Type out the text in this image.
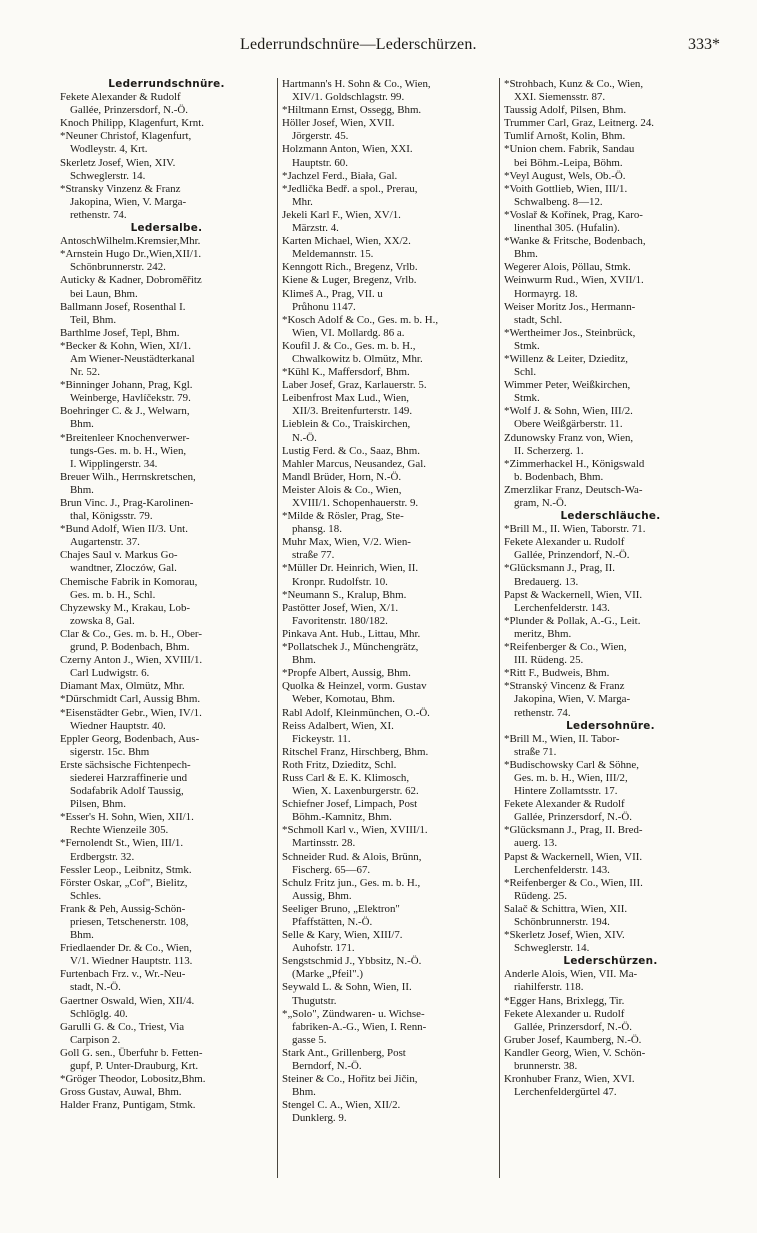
Lederrundschnüre—Lederschürzen.	333*
Lederrundschnüre.
Fekete Alexander & Rudolf
Gallée, Prinzersdorf, N.-Ö.
Knoch Philipp, Klagenfurt, Krnt.
*Neuner Christof, Klagenfurt,
Wodleystr. 4, Krt.
Skerletz Josef, Wien, XIV.
Schweglerstr. 14.
*Stransky Vinzenz & Franz
Jakopina, Wien, V. Marga-
rethenstr. 74.
Ledersalbe.
AntoschWilhelm.Kremsier,Mhr.
*Arnstein Hugo Dr.,Wien,XII/1.
Schönbrunnerstr. 242.
Auticky & Kadner, Dobroměřitz
bei Laun, Bhm.
Ballmann Josef, Rosenthal I.
Teil, Bhm.
Barthlme Josef, Tepl, Bhm.
*Becker & Kohn, Wien, XI/1.
Am Wiener-Neustädterkanal
Nr. 52.
*Binninger Johann, Prag, Kgl.
Weinberge, Havlíčekstr. 79.
Boehringer C. & J., Welwarn,
Bhm.
*Breitenleer Knochenverwer-
tungs-Ges. m. b. H., Wien,
I. Wipplingerstr. 34.
Breuer Wilh., Herrnskretschen,
Bhm.
Brun Vinc. J., Prag-Karolinen-
thal, Königsstr. 79.
*Bund Adolf, Wien II/3. Unt.
Augartenstr. 37.
Chajes Saul v. Markus Go-
wandtner, Zloczów, Gal.
Chemische Fabrik in Komorau,
Ges. m. b. H., Schl.
Chyzewsky M., Krakau, Lob-
zowska 8, Gal.
Clar & Co., Ges. m. b. H., Ober-
grund, P. Bodenbach, Bhm.
Czerny Anton J., Wien, XVIII/1.
Carl Ludwigstr. 6.
Diamant Max, Olmütz, Mhr.
*Dürschmidt Carl, Aussig Bhm.
*Eisenstädter Gebr., Wien, IV/1.
Wiedner Hauptstr. 40.
Eppler Georg, Bodenbach, Aus-
sigerstr. 15c. Bhm
Erste sächsische Fichtenpech-
siederei Harzraffinerie und
Sodafabrik Adolf Taussig,
Pilsen, Bhm.
*Esser's H. Sohn, Wien, XII/1.
Rechte Wienzeile 305.
*Fernolendt St., Wien, III/1.
Erdbergstr. 32.
Fessler Leop., Leibnitz, Stmk.
Förster Oskar, „Cof", Bielitz,
Schles.
Frank & Peh, Aussig-Schön-
priesen, Tetschenerstr. 108,
Bhm.
Friedlaender Dr. & Co., Wien,
V/1. Wiedner Hauptstr. 113.
Furtenbach Frz. v., Wr.-Neu-
stadt, N.-Ö.
Gaertner Oswald, Wien, XII/4.
Schlöglg. 40.
Garulli G. & Co., Triest, Via
Carpison 2.
Goll G. sen., Überfuhr b. Fetten-
gupf, P. Unter-Drauburg, Krt.
*Gröger Theodor, Lobositz,Bhm.
Gross Gustav, Auwal, Bhm.
Halder Franz, Puntigam, Stmk.
Hartmann's H. Sohn & Co., Wien,
XIV/1. Goldschlagstr. 99.
*Hiltmann Ernst, Ossegg, Bhm.
Höller Josef, Wien, XVII.
Jörgerstr. 45.
Holzmann Anton, Wien, XXI.
Hauptstr. 60.
*Jachzel Ferd., Biała, Gal.
*Jedlička Bedř. a spol., Prerau,
Mhr.
Jekeli Karl F., Wien, XV/1.
Märzstr. 4.
Karten Michael, Wien, XX/2.
Meldemannstr. 15.
Kenngott Rich., Bregenz, Vrlb.
Kiene & Luger, Bregenz, Vrlb.
Klimeš A., Prag, VII. u
Průhonu 1147.
*Kosch Adolf & Co., Ges. m. b. H.,
Wien, VI. Mollardg. 86 a.
Koufil J. & Co., Ges. m. b. H.,
Chwalkowitz b. Olmütz, Mhr.
*Kühl K., Maffersdorf, Bhm.
Laber Josef, Graz, Karlauerstr. 5.
Leibenfrost Max Lud., Wien,
XII/3. Breitenfurterstr. 149.
Lieblein & Co., Traiskirchen,
N.-Ö.
Lustig Ferd. & Co., Saaz, Bhm.
Mahler Marcus, Neusandez, Gal.
Mandl Brüder, Horn, N.-Ö.
Meister Alois & Co., Wien,
XVIII/1. Schopenhauerstr. 9.
*Milde & Rösler, Prag, Ste-
phansg. 18.
Muhr Max, Wien, V/2. Wien-
straße 77.
*Müller Dr. Heinrich, Wien, II.
Kronpr. Rudolfstr. 10.
*Neumann S., Kralup, Bhm.
Pastötter Josef, Wien, X/1.
Favoritenstr. 180/182.
Pinkava Ant. Hub., Littau, Mhr.
*Pollatschek J., Münchengrätz,
Bhm.
*Propfe Albert, Aussig, Bhm.
Quolka & Heinzel, vorm. Gustav
Weber, Komotau, Bhm.
Rabl Adolf, Kleinmünchen, O.-Ö.
Reiss Adalbert, Wien, XI.
Fickeystr. 11.
Ritschel Franz, Hirschberg, Bhm.
Roth Fritz, Dzieditz, Schl.
Russ Carl & E. K. Klimosch,
Wien, X. Laxenburgerstr. 62.
Schiefner Josef, Limpach, Post
Böhm.-Kamnitz, Bhm.
*Schmoll Karl v., Wien, XVIII/1.
Martinsstr. 28.
Schneider Rud. & Alois, Brünn,
Fischerg. 65—67.
Schulz Fritz jun., Ges. m. b. H.,
Aussig, Bhm.
Seeliger Bruno, „Elektron"
Pfaffstätten, N.-Ö.
Selle & Kary, Wien, XIII/7.
Auhofstr. 171.
Sengstschmid J., Ybbsitz, N.-Ö.
(Marke „Pfeil".)
Seywald L. & Sohn, Wien, II.
Thugutstr.
*„Solo", Zündwaren- u. Wichse-
fabriken-A.-G., Wien, I. Renn-
gasse 5.
Stark Ant., Grillenberg, Post
Berndorf, N.-Ö.
Steiner & Co., Hořitz bei Jičin,
Bhm.
Stengel C. A., Wien, XII/2.
Dunklerg. 9.
*Strohbach, Kunz & Co., Wien,
XXI. Siemensstr. 87.
Taussig Adolf, Pilsen, Bhm.
Trummer Carl, Graz, Leitnerg. 24.
Tumlif Arnošt, Kolin, Bhm.
*Union chem. Fabrik, Sandau
bei Böhm.-Leipa, Böhm.
*Veyl August, Wels, Ob.-Ö.
*Voith Gottlieb, Wien, III/1.
Schwalbeng. 8—12.
*Voslař & Kořínek, Prag, Karo-
linenthal 305. (Hufalin).
*Wanke & Fritsche, Bodenbach,
Bhm.
Wegerer Alois, Pöllau, Stmk.
Weinwurm Rud., Wien, XVII/1.
Hormayrg. 18.
Weiser Moritz Jos., Hermann-
stadt, Schl.
*Wertheimer Jos., Steinbrück,
Stmk.
*Willenz & Leiter, Dzieditz,
Schl.
Wimmer Peter, Weißkirchen,
Stmk.
*Wolf J. & Sohn, Wien, III/2.
Obere Weißgärberstr. 11.
Zdunowsky Franz von, Wien,
II. Scherzerg. 1.
*Zimmerhackel H., Königswald
b. Bodenbach, Bhm.
Zmerzlikar Franz, Deutsch-Wa-
gram, N.-Ö.
Lederschläuche.
*Brill M., II. Wien, Taborstr. 71.
Fekete Alexander u. Rudolf
Gallée, Prinzendorf, N.-Ö.
*Glücksmann J., Prag, II.
Bredauerg. 13.
Papst & Wackernell, Wien, VII.
Lerchenfelderstr. 143.
*Plunder & Pollak, A.-G., Leit.
meritz, Bhm.
*Reifenberger & Co., Wien,
III. Rüdeng. 25.
*Ritt F., Budweis, Bhm.
*Stranský Vincenz & Franz
Jakopina, Wien, V. Marga-
rethenstr. 74.
Ledersohnüre.
*Brill M., Wien, II. Tabor-
straße 71.
*Budischowsky Carl & Söhne,
Ges. m. b. H., Wien, III/2,
Hintere Zollamtsstr. 17.
Fekete Alexander & Rudolf
Gallée, Prinzersdorf, N.-Ö.
*Glücksmann J., Prag, II. Bred-
auerg. 13.
Papst & Wackernell, Wien, VII.
Lerchenfelderstr. 143.
*Reifenberger & Co., Wien, III.
Rüdeng. 25.
Salač & Schittra, Wien, XII.
Schönbrunnerstr. 194.
*Skerletz Josef, Wien, XIV.
Schweglerstr. 14.
Lederschürzen.
Anderle Alois, Wien, VII. Ma-
riahilferstr. 118.
*Egger Hans, Brixlegg, Tir.
Fekete Alexander u. Rudolf
Gallée, Prinzersdorf, N.-Ö.
Gruber Josef, Kaumberg, N.-Ö.
Kandler Georg, Wien, V. Schön-
brunnerstr. 38.
Kronhuber Franz, Wien, XVI.
Lerchenfeldergürtel 47.
